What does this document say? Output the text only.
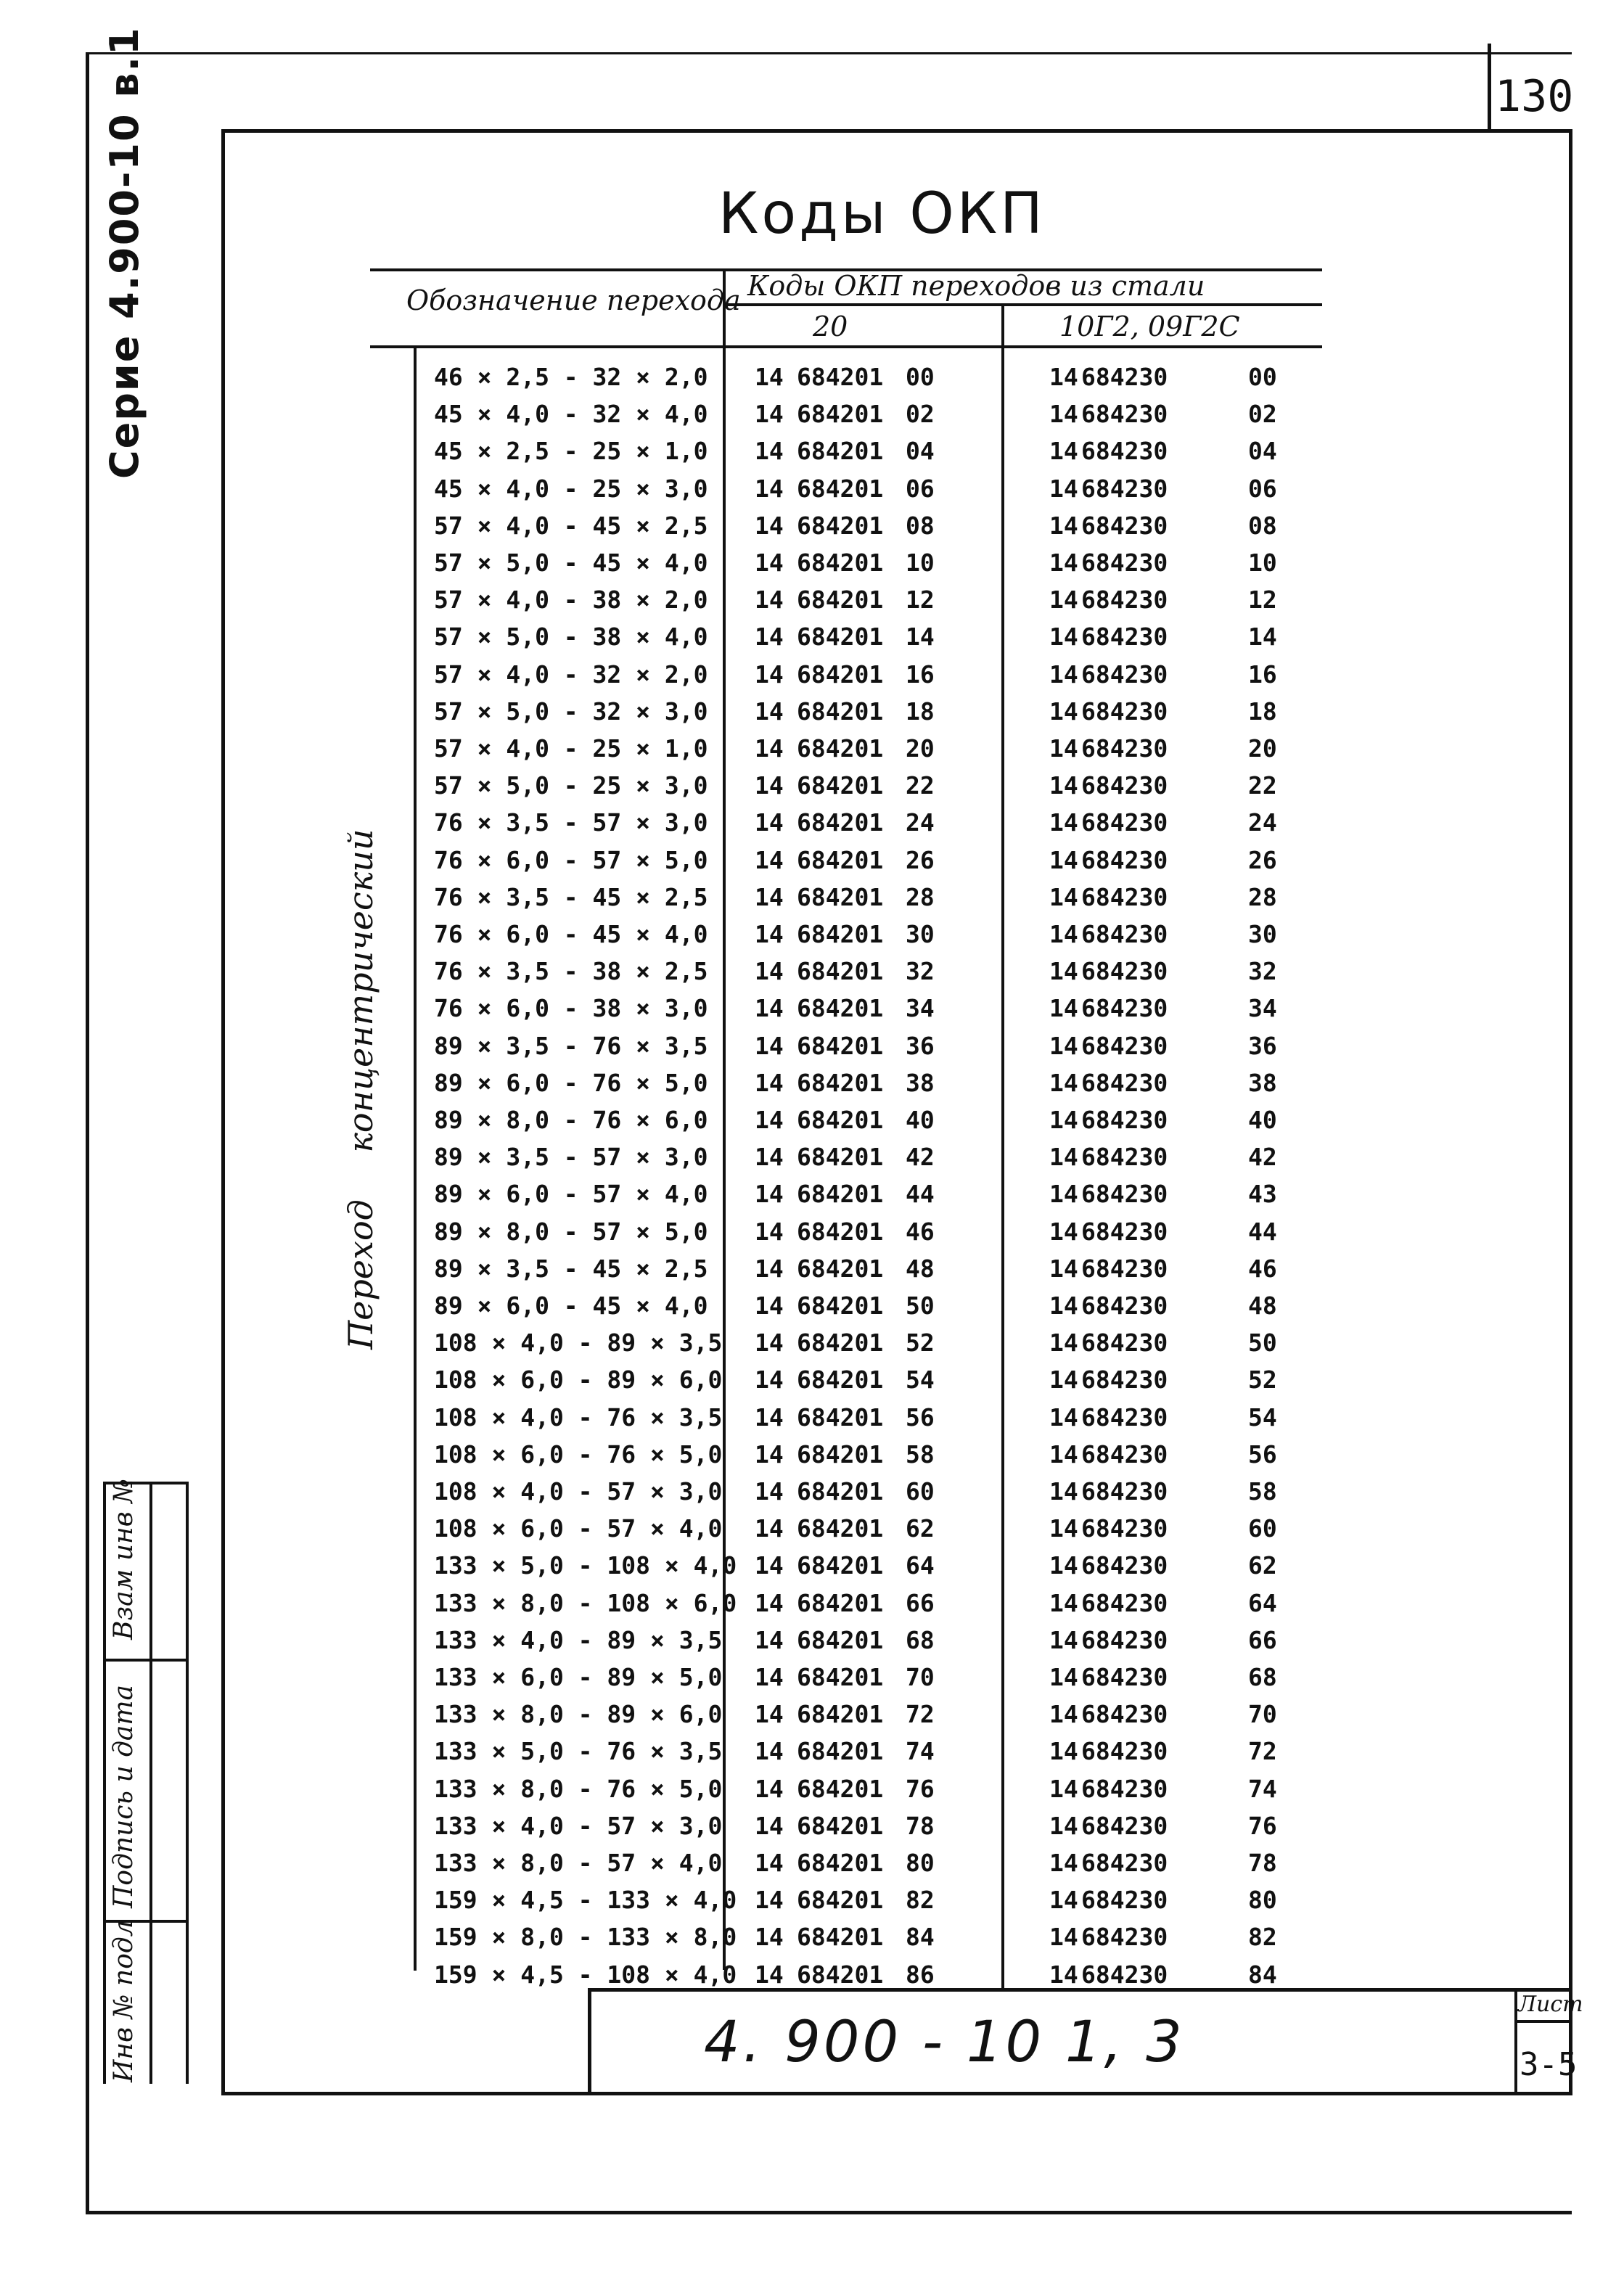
130
Серие 4.900-10 в.1
Взам инв №
Подпись и дата
Инв № подл
Коды ОКП
Обозначение перехода Коды ОКП переходов из стали
20	10Г2, 09Г2С
Переход концентрический
46 × 2,5 - 32 × 2,0 14 684201 00	14 684230	00
45 × 4,0 - 32 × 4,0 14 684201 02	14 684230	02
45 × 2,5 - 25 × 1,0 14 684201 04	14 684230	04
45 × 4,0 - 25 × 3,0 14 684201 06	14 684230	06
57 × 4,0 - 45 × 2,5 14 684201 08	14 684230	08
57 × 5,0 - 45 × 4,0 14 684201 10	14 684230	10
57 × 4,0 - 38 × 2,0 14 684201 12	14 684230	12
57 × 5,0 - 38 × 4,0 14 684201 14	14 684230	14
57 × 4,0 - 32 × 2,0 14 684201 16	14 684230	16
57 × 5,0 - 32 × 3,0 14 684201 18	14 684230	18
57 × 4,0 - 25 × 1,0 14 684201 20	14 684230	20
57 × 5,0 - 25 × 3,0 14 684201 22	14 684230	22
76 × 3,5 - 57 × 3,0 14 684201 24	14 684230	24
76 × 6,0 - 57 × 5,0 14 684201 26	14 684230	26
76 × 3,5 - 45 × 2,5 14 684201 28	14 684230	28
76 × 6,0 - 45 × 4,0 14 684201 30	14 684230	30
76 × 3,5 - 38 × 2,5 14 684201 32	14 684230	32
76 × 6,0 - 38 × 3,0 14 684201 34	14 684230	34
89 × 3,5 - 76 × 3,5 14 684201 36	14 684230	36
89 × 6,0 - 76 × 5,0 14 684201 38	14 684230	38
89 × 8,0 - 76 × 6,0 14 684201 40	14 684230	40
89 × 3,5 - 57 × 3,0 14 684201 42	14 684230	42
89 × 6,0 - 57 × 4,0 14 684201 44	14 684230	43
89 × 8,0 - 57 × 5,0 14 684201 46	14 684230	44
89 × 3,5 - 45 × 2,5 14 684201 48	14 684230	46
89 × 6,0 - 45 × 4,0 14 684201 50	14 684230	48
108 × 4,0 - 89 × 3,5 14 684201 52	14 684230	50
108 × 6,0 - 89 × 6,0 14 684201 54	14 684230	52
108 × 4,0 - 76 × 3,5 14 684201 56	14 684230	54
108 × 6,0 - 76 × 5,0 14 684201 58	14 684230	56
108 × 4,0 - 57 × 3,0 14 684201 60	14 684230	58
108 × 6,0 - 57 × 4,0 14 684201 62	14 684230	60
133 × 5,0 - 108 × 4,0 14 684201 64	14 684230	62
133 × 8,0 - 108 × 6,0 14 684201 66	14 684230	64
133 × 4,0 - 89 × 3,5 14 684201 68	14 684230	66
133 × 6,0 - 89 × 5,0 14 684201 70	14 684230	68
133 × 8,0 - 89 × 6,0 14 684201 72	14 684230	70
133 × 5,0 - 76 × 3,5 14 684201 74	14 684230	72
133 × 8,0 - 76 × 5,0 14 684201 76	14 684230	74
133 × 4,0 - 57 × 3,0 14 684201 78	14 684230	76
133 × 8,0 - 57 × 4,0 14 684201 80	14 684230	78
159 × 4,5 - 133 × 4,0 14 684201 82	14 684230	80
159 × 8,0 - 133 × 8,0 14 684201 84	14 684230	82
159 × 4,5 - 108 × 4,0 14 684201 86	14 684230	84
4. 900 - 10 1, 3
Лист
3-5
